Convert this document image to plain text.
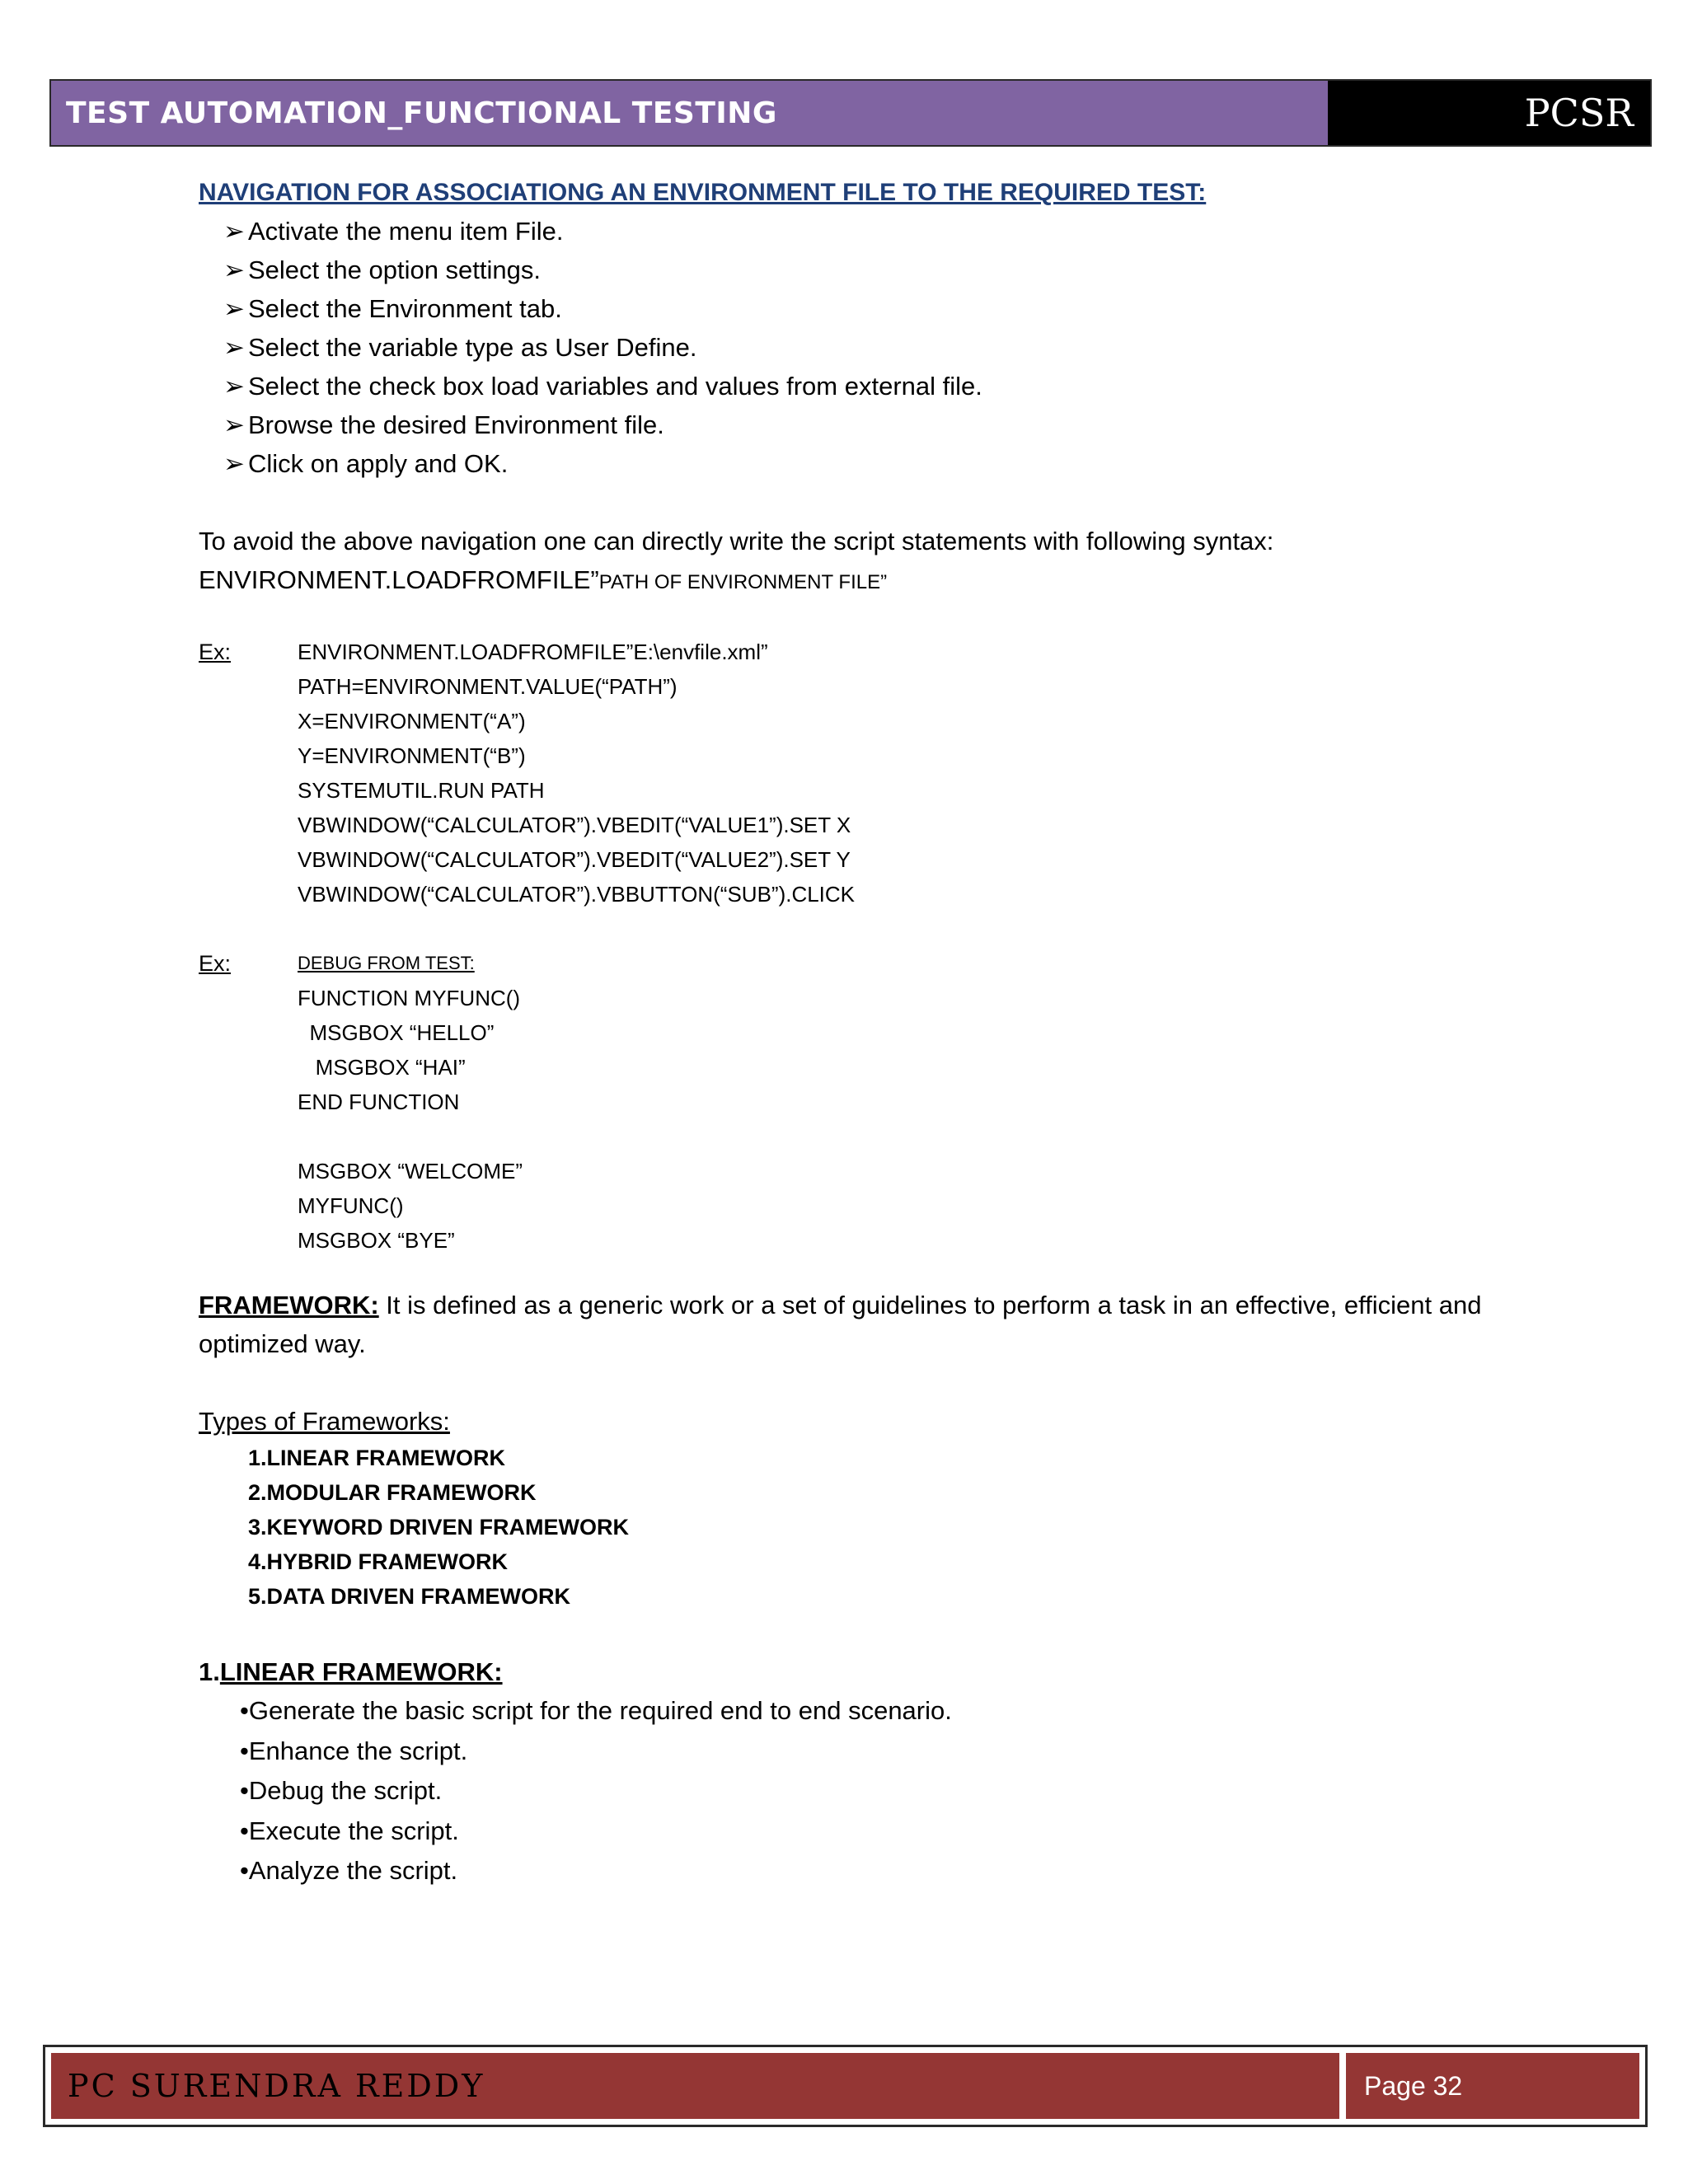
TEST AUTOMATION_FUNCTIONAL TESTING	PCSR
NAVIGATION FOR ASSOCIATIONG AN ENVIRONMENT FILE TO THE REQUIRED TEST:
➢ Activate the menu item File.
➢ Select the option settings.
➢ Select the Environment tab.
➢ Select the variable type as User Define.
➢ Select the check box load variables and values from external file.
➢ Browse the desired Environment file.
➢ Click on apply and OK.
To avoid the above navigation one can directly write the script statements with following syntax:
ENVIRONMENT.LOADFROMFILE”PATH OF ENVIRONMENT FILE”
Ex:	ENVIRONMENT.LOADFROMFILE”E:\envfile.xml”
PATH=ENVIRONMENT.VALUE(“PATH”)
X=ENVIRONMENT(“A”)
Y=ENVIRONMENT(“B”)
SYSTEMUTIL.RUN PATH
VBWINDOW(“CALCULATOR”).VBEDIT(“VALUE1”).SET X
VBWINDOW(“CALCULATOR”).VBEDIT(“VALUE2”).SET Y
VBWINDOW(“CALCULATOR”).VBBUTTON(“SUB”).CLICK
Ex:	DEBUG FROM TEST:
FUNCTION MYFUNC()
MSGBOX “HELLO”
MSGBOX “HAI”
END FUNCTION
MSGBOX “WELCOME”
MYFUNC()
MSGBOX “BYE”
FRAMEWORK: It is defined as a generic work or a set of guidelines to perform a task in an effective, efficient and
optimized way.
Types of Frameworks:
1.LINEAR FRAMEWORK
2.MODULAR FRAMEWORK
3.KEYWORD DRIVEN FRAMEWORK
4.HYBRID FRAMEWORK
5.DATA DRIVEN FRAMEWORK
1.LINEAR FRAMEWORK:
•Generate the basic script for the required end to end scenario.
•Enhance the script.
•Debug the script.
•Execute the script.
•Analyze the script.
PC SURENDRA REDDY	Page 32
